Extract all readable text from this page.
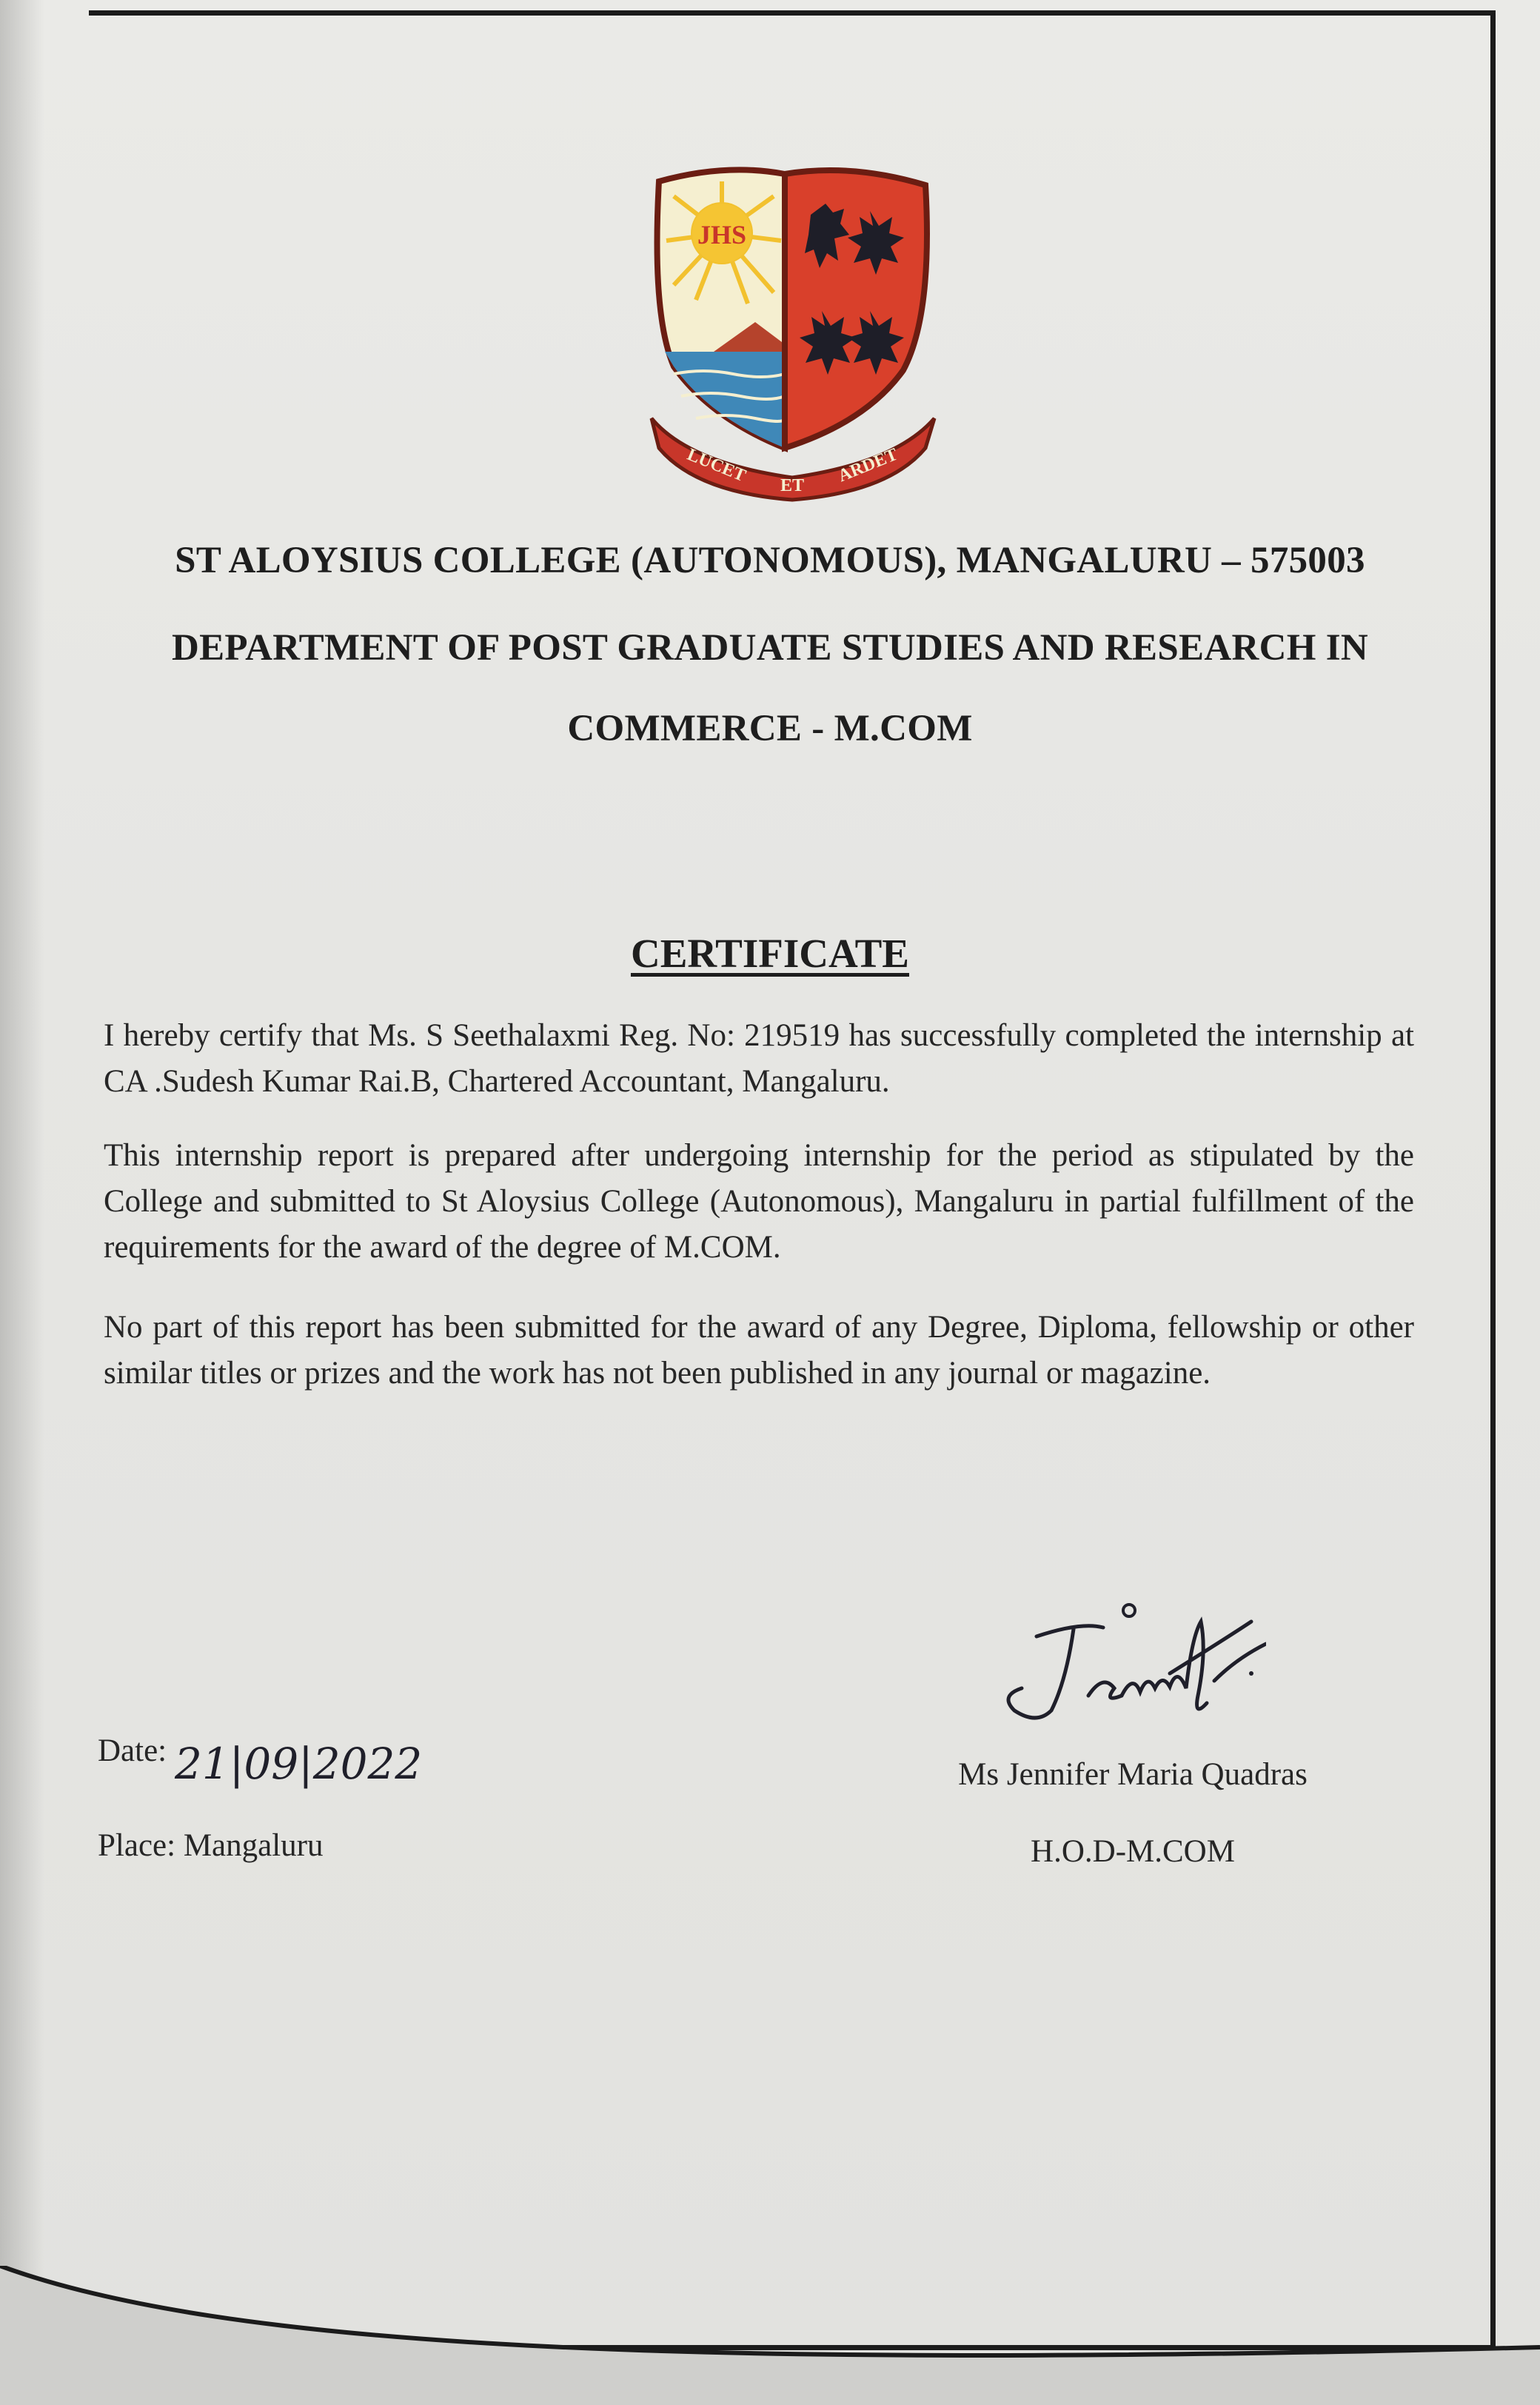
JHS
LUCET ET ARDET
ST ALOYSIUS COLLEGE (AUTONOMOUS), MANGALURU – 575003
DEPARTMENT OF POST GRADUATE STUDIES AND RESEARCH IN
COMMERCE - M.COM
CERTIFICATE

I hereby certify that Ms. S Seethalaxmi Reg. No: 219519 has successfully completed the internship at CA .Sudesh Kumar Rai.B, Chartered Accountant, Mangaluru.

This internship report is prepared after undergoing internship for the period as stipulated by the College and submitted to St Aloysius College (Autonomous), Mangaluru in partial fulfillment of the requirements for the award of the degree of M.COM.

No part of this report has been submitted for the award of any Degree, Diploma, fellowship or other similar titles or prizes and the work has not been published in any journal or magazine.

Date: 21|09|2022
Place: Mangaluru
Ms Jennifer Maria Quadras
H.O.D-M.COM
